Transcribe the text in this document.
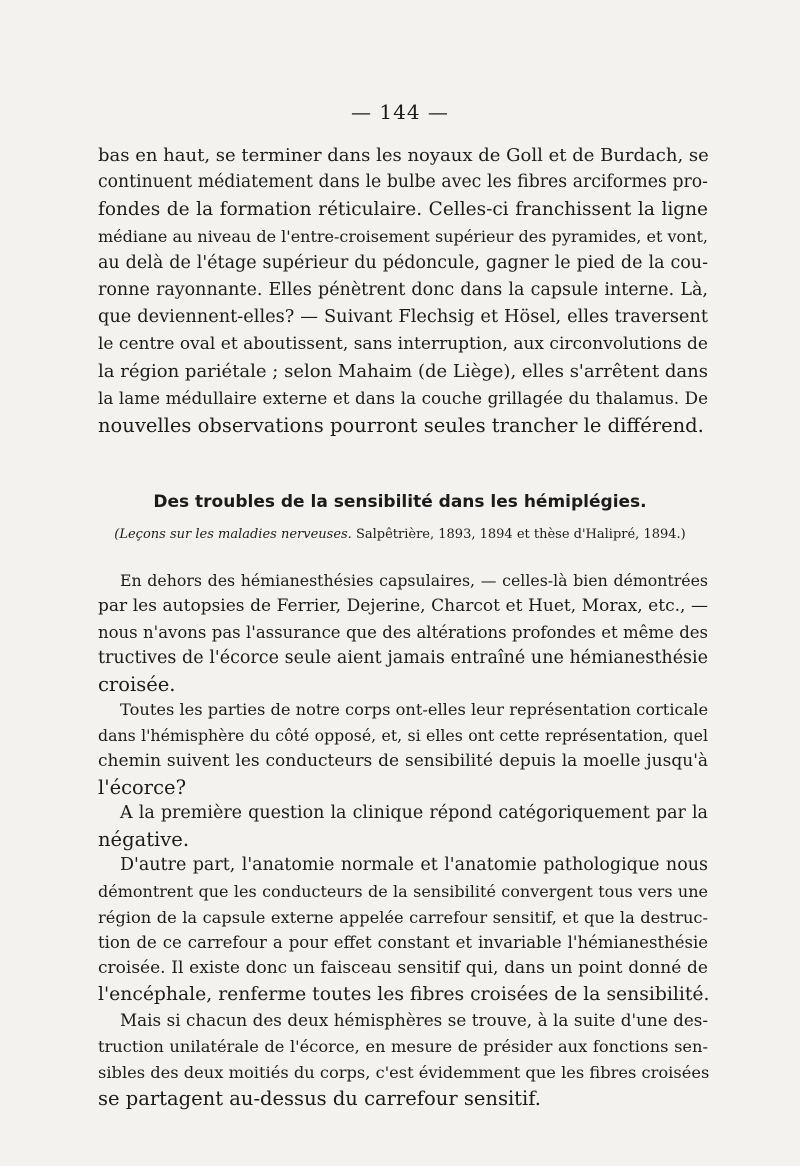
— 144 —
bas en haut, se terminer dans les noyaux de Goll et de Burdach, se
continuent médiatement dans le bulbe avec les fibres arciformes pro-
fondes de la formation réticulaire. Celles-ci franchissent la ligne
médiane au niveau de l'entre-croisement supérieur des pyramides, et vont,
au delà de l'étage supérieur du pédoncule, gagner le pied de la cou-
ronne rayonnante. Elles pénètrent donc dans la capsule interne. Là,
que deviennent-elles? — Suivant Flechsig et Hösel, elles traversent
le centre oval et aboutissent, sans interruption, aux circonvolutions de
la région pariétale ; selon Mahaim (de Liège), elles s'arrêtent dans
la lame médullaire externe et dans la couche grillagée du thalamus. De
nouvelles observations pourront seules trancher le différend.
Des troubles de la sensibilité dans les hémiplégies.
(Leçons sur les maladies nerveuses. Salpêtrière, 1893, 1894 et thèse d'Halipré, 1894.)
En dehors des hémianesthésies capsulaires, — celles-là bien démontrées
par les autopsies de Ferrier, Dejerine, Charcot et Huet, Morax, etc., —
nous n'avons pas l'assurance que des altérations profondes et même des
tructives de l'écorce seule aient jamais entraîné une hémianesthésie
croisée.
Toutes les parties de notre corps ont-elles leur représentation corticale
dans l'hémisphère du côté opposé, et, si elles ont cette représentation, quel
chemin suivent les conducteurs de sensibilité depuis la moelle jusqu'à
l'écorce?
A la première question la clinique répond catégoriquement par la
négative.
D'autre part, l'anatomie normale et l'anatomie pathologique nous
démontrent que les conducteurs de la sensibilité convergent tous vers une
région de la capsule externe appelée carrefour sensitif, et que la destruc-
tion de ce carrefour a pour effet constant et invariable l'hémianesthésie
croisée. Il existe donc un faisceau sensitif qui, dans un point donné de
l'encéphale, renferme toutes les fibres croisées de la sensibilité.
Mais si chacun des deux hémisphères se trouve, à la suite d'une des-
truction unilatérale de l'écorce, en mesure de présider aux fonctions sen-
sibles des deux moitiés du corps, c'est évidemment que les fibres croisées
se partagent au-dessus du carrefour sensitif.
